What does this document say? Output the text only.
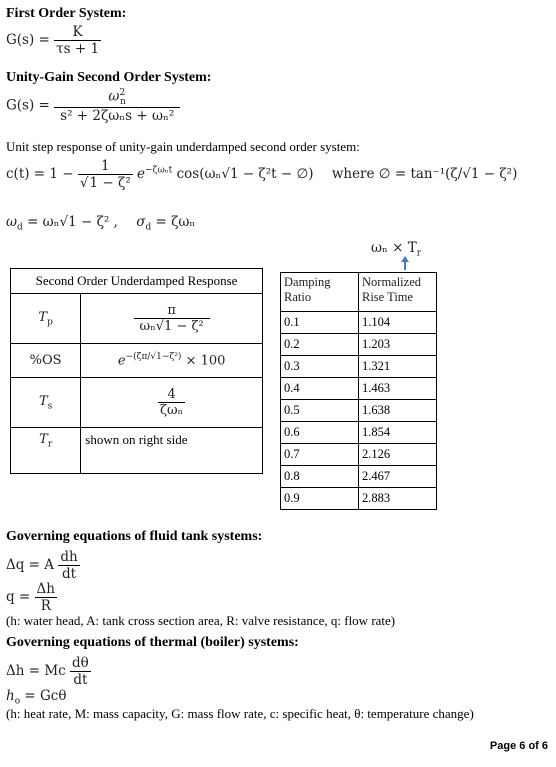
First Order System:
$G(s) = \frac{K}{\tau s + 1}$
Unity-Gain Second Order System:
$G(s) = \frac{\omega^2_n}{\text{s² + 2ζωₙs + ωₙ²}}$
Unit step response of unity-gain underdamped second order system:
$c(t) = 1 - \frac{1}{\text{√1 − ζ²}} e^{-\zeta\omega_nt}$ cos(ωₙ√1 − ζ²t − ∅) where ∅ = tan⁻¹(ζ/√1 − ζ²)
$\omega_d = \omega_n√1 - \zeta^2$ , $\sigma_d = \zeta\omega_n$
$\omega_n \times T_r$
Second Order Underdamped Response	
$T_p$	$\frac{\pi}{\text{ωₙ√1 − ζ²}}$

%OS	$e^{-(\zeta\pi/√1-\zeta^2)} \times 100$
$T_s$	$\frac{4}{\text{ζωₙ}}$

$T_r$	shown on right side
Damping Ratio	Normalized Rise Time
0.1	1.104
0.2	1.203
0.3	1.321
0.4	1.463
0.5	1.638
0.6	1.854
0.7	2.126
0.8	2.467
0.9	2.883
Governing equations of fluid tank systems:
Δq = A $\frac{dh}{dt}$
$q = \frac{\Delta h}{R}$
(h: water head, A: tank cross section area, R: valve resistance, q: flow rate)
Governing equations of thermal (boiler) systems:
Δh = Mc $\frac{d\theta}{dt}$
$h_o = Gc\theta$
(h: heat rate, M: mass capacity, G: mass flow rate, c: specific heat, θ: temperature change)
Page 6 of 6
